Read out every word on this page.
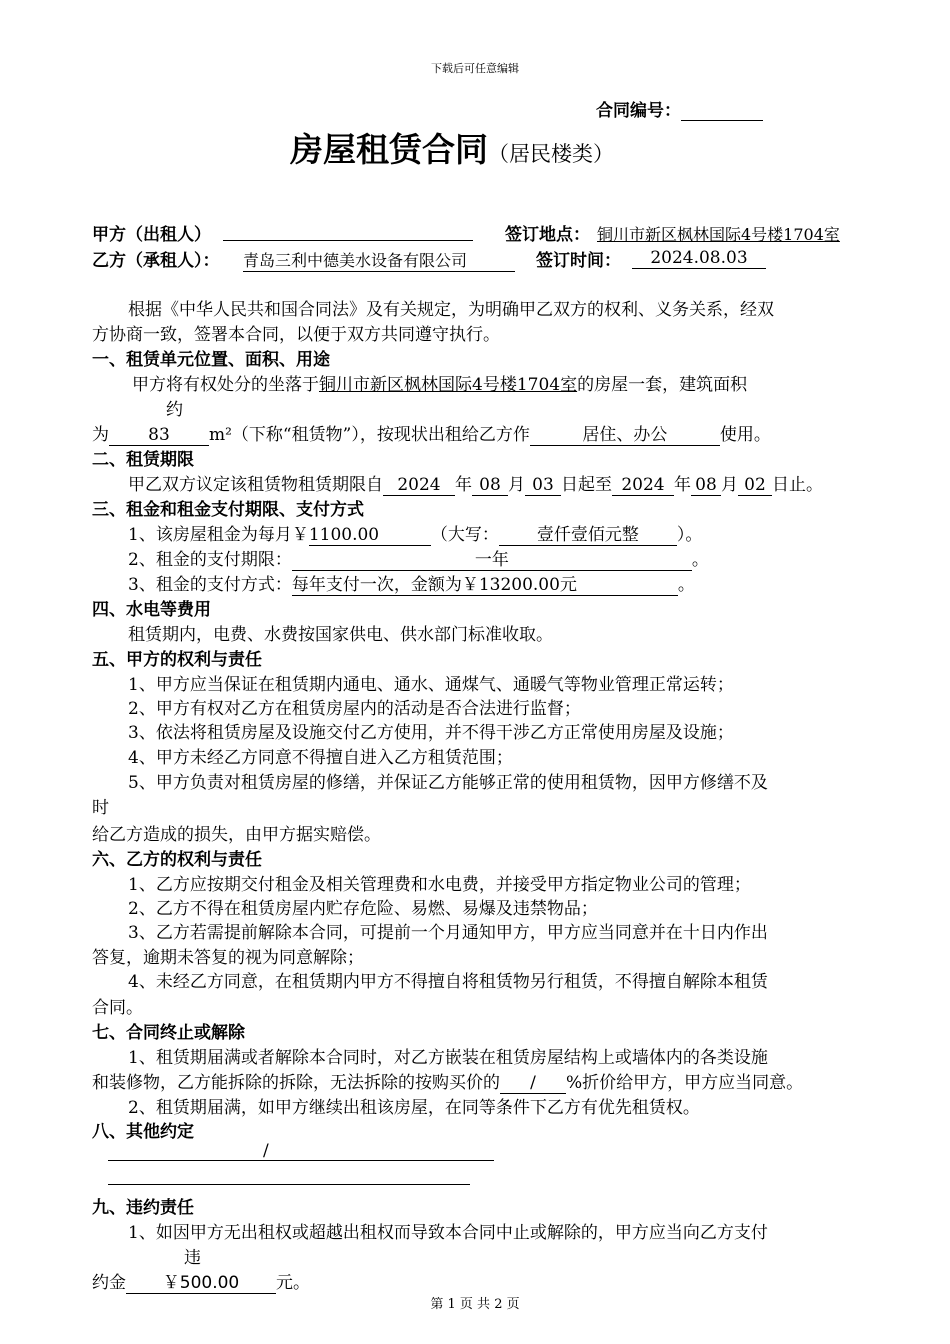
下载后可任意编辑
合同编号：
房屋租赁合同（居民楼类）
甲方（出租人）	签订地点： 铜川市新区枫林国际4号楼1704室
乙方（承租人）： 青岛三利中德美水设备有限公司	签订时间：	2024.08.03
根据《中华人民共和国合同法》及有关规定，为明确甲乙双方的权利、义务关系，经双
方协商一致，签署本合同，以便于双方共同遵守执行。
一、租赁单元位置、面积、用途
甲方将有权处分的坐落于铜川市新区枫林国际4号楼1704室的房屋一套，建筑面积
约
为 83 m²（下称“租赁物”），按现状出租给乙方作	居住、办公	使用。
二、租赁期限
甲乙双方议定该租赁物租赁期限自 2024 年 08 月 03 日起至 2024 年 08 月 02 日止。
三、租金和租金支付期限、支付方式
1、该房屋租金为每月￥1100.00	（大写： 壹仟壹佰元整 ）。
2、租金的支付期限：	一年	。
3、租金的支付方式：每年支付一次，金额为￥13200.00元	。
四、水电等费用
租赁期内，电费、水费按国家供电、供水部门标准收取。
五、甲方的权利与责任
1、甲方应当保证在租赁期内通电、通水、通煤气、通暖气等物业管理正常运转；
2、甲方有权对乙方在租赁房屋内的活动是否合法进行监督；
3、依法将租赁房屋及设施交付乙方使用，并不得干涉乙方正常使用房屋及设施；
4、甲方未经乙方同意不得擅自进入乙方租赁范围；
5、甲方负责对租赁房屋的修缮，并保证乙方能够正常的使用租赁物，因甲方修缮不及
时
给乙方造成的损失，由甲方据实赔偿。
六、乙方的权利与责任
1、乙方应按期交付租金及相关管理费和水电费，并接受甲方指定物业公司的管理；
2、乙方不得在租赁房屋内贮存危险、易燃、易爆及违禁物品；
3、乙方若需提前解除本合同，可提前一个月通知甲方，甲方应当同意并在十日内作出
答复，逾期未答复的视为同意解除；
4、未经乙方同意，在租赁期内甲方不得擅自将租赁物另行租赁，不得擅自解除本租赁
合同。
七、合同终止或解除
1、租赁期届满或者解除本合同时，对乙方嵌装在租赁房屋结构上或墙体内的各类设施
和装修物，乙方能拆除的拆除，无法拆除的按购买价的 / %折价给甲方，甲方应当同意。
2、租赁期届满，如甲方继续出租该房屋，在同等条件下乙方有优先租赁权。
八、其他约定
/
九、违约责任
1、如因甲方无出租权或超越出租权而导致本合同中止或解除的，甲方应当向乙方支付
违
约金 ￥500.00 元。
第 1 页 共 2 页
